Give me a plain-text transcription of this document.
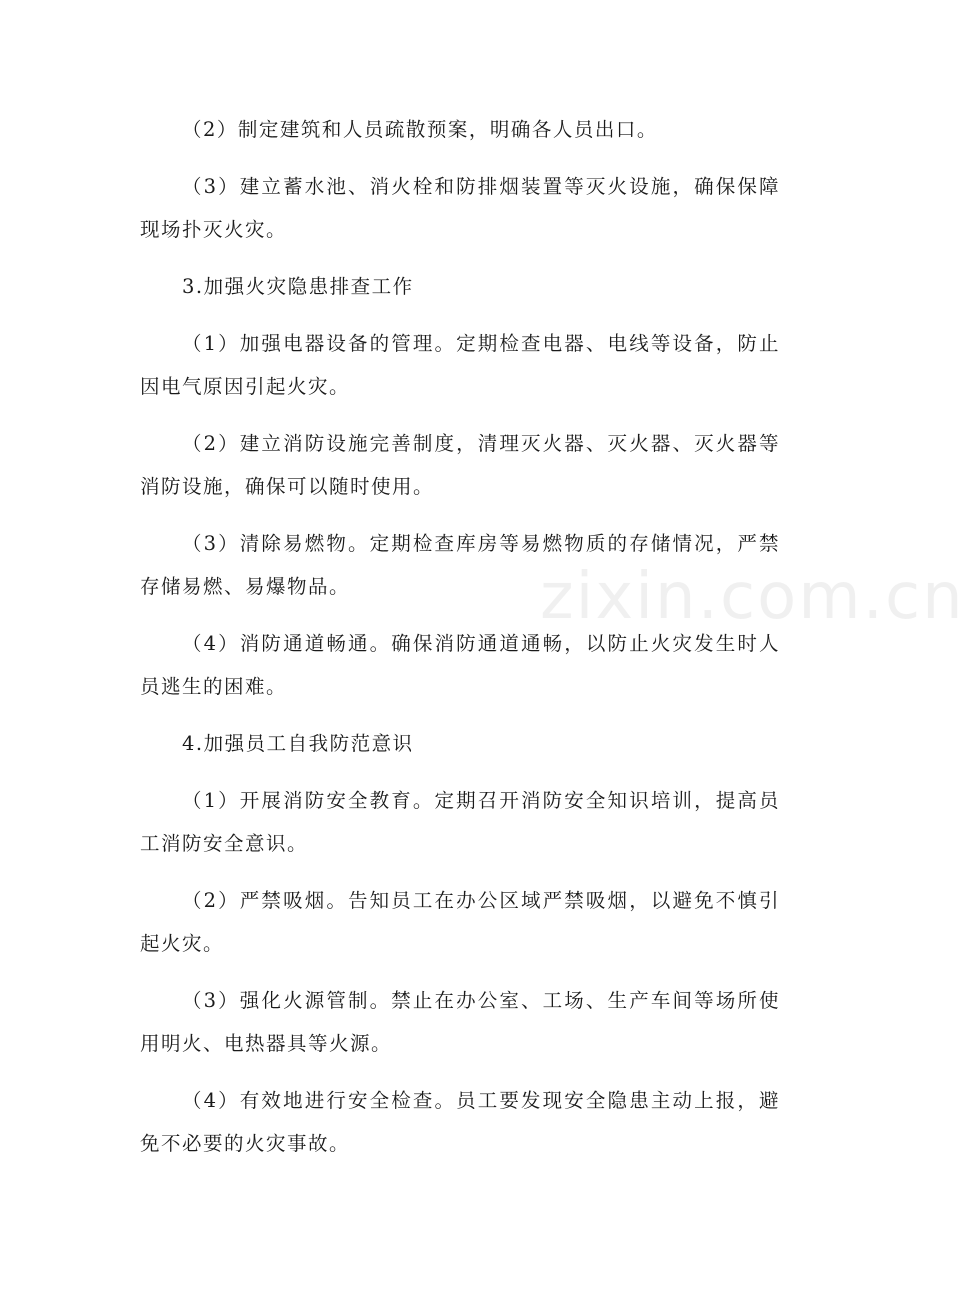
（2）制定建筑和人员疏散预案，明确各人员出口。

（3）建立蓄水池、消火栓和防排烟装置等灭火设施，确保保障现场扑灭火灾。

3.加强火灾隐患排查工作

（1）加强电器设备的管理。定期检查电器、电线等设备，防止因电气原因引起火灾。

（2）建立消防设施完善制度，清理灭火器、灭火器、灭火器等消防设施，确保可以随时使用。

（3）清除易燃物。定期检查库房等易燃物质的存储情况，严禁存储易燃、易爆物品。

（4）消防通道畅通。确保消防通道通畅，以防止火灾发生时人员逃生的困难。

4.加强员工自我防范意识

（1）开展消防安全教育。定期召开消防安全知识培训，提高员工消防安全意识。

（2）严禁吸烟。告知员工在办公区域严禁吸烟，以避免不慎引起火灾。

（3）强化火源管制。禁止在办公室、工场、生产车间等场所使用明火、电热器具等火源。

（4）有效地进行安全检查。员工要发现安全隐患主动上报，避免不必要的火灾事故。

zixin.com.cn
